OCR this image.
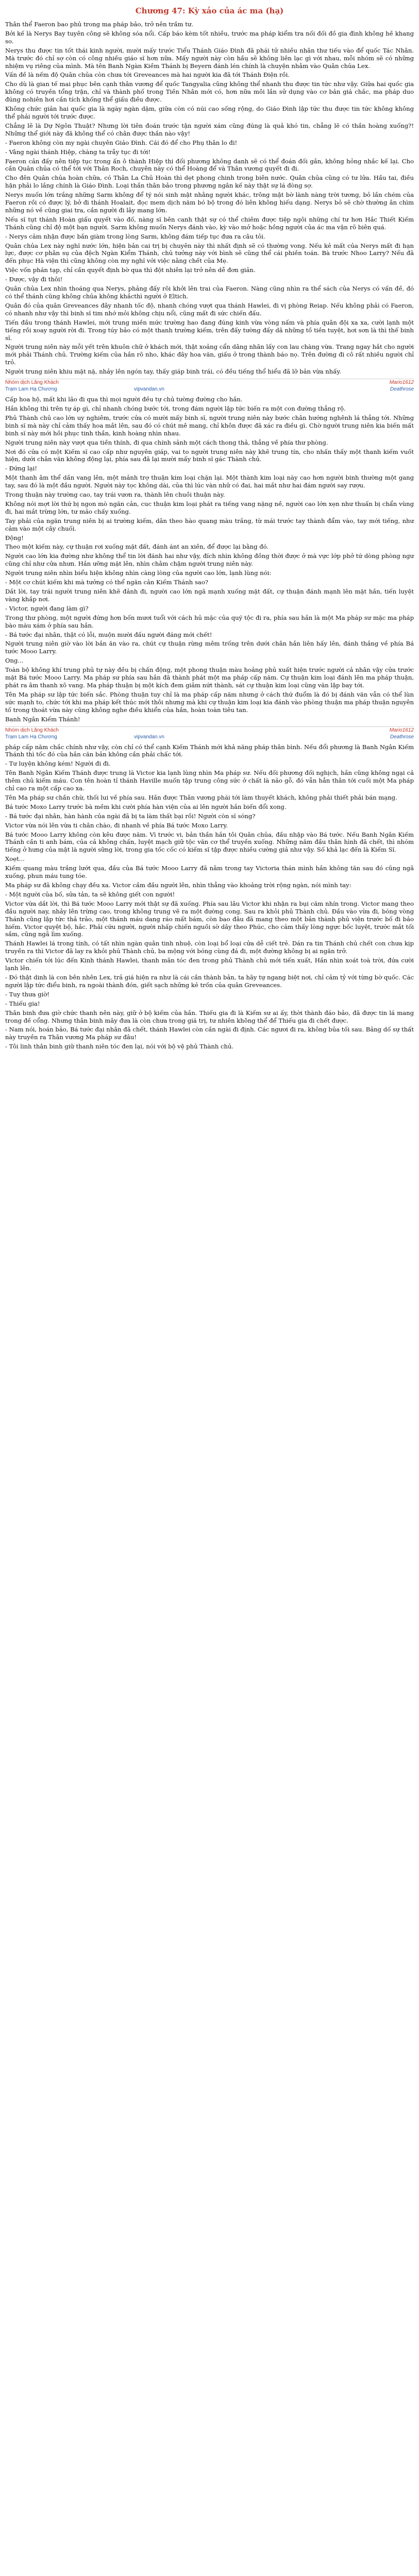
Chương 47: Kỳ xảo của ác ma (hạ)

Thân thể Faeron bao phủ trong ma pháp bảo, trở nên trầm tư.

Bởi kế là Nerys Bay tuyên công sẽ không sóa nổi. Cấp báo kèm tốt nhiều, trước ma pháp kiểm tra nối đối đồ gia đình không hề khang so.

Nerys thu được tin tốt thái kinh người, mười mấy trước Tiểu Thánh Giáo Đình đã phái tử nhiều nhân thư tiếu vào để quốc Tác Nhân. Mà trước đó chỉ sợ còn có công nhiều giáo sĩ hơn nữa. Mấy người này còn hầu sẽ không liên lạc gì với nhau, mỗi nhóm sẽ có những nhiệm vụ riêng của mình. Mà tên Banh Ngàn Kiềm Thánh bị Beyern đánh lén chính là chuyện nhằm vào Quân chủa Lex.

Vấn đề là nếm độ Quân chủa còn chưa tới Greveances mà hai người kia đã tới Thánh Điện rồi.

Cho dù là gian tế mai phục bên cạnh thân vương để quốc Tangyalia cũng không thể nhanh thu được tin tức như vậy. Giữa hai quốc gia không có truyền tổng trận, chỉ và thành phố trong Tiền Nhân mới có, hơn nữa môi lần sử dụng vào cơ bản giá chắc, ma pháp duo đúng nohiên hơi cần tích khống thể giấu điều được.

Không chức giản hai quốc gia là ngày ngàn dặm, giữa còn có núi cao sống rộng, do Giáo Đình lập tức thu được tin tức không không thể phải người tới trước được.

Chẳng lẽ là Dự Ngôn Thuật? Nhưng lời tiên đoán trước tận người xám cũng đúng là quả khó tin, chẳng lẽ có thần hoàng xuống?! Những thể giới này đã không thể có chân được thần nào vậy!

- Faeron không còn my ngài chuyên Giáo Đình. Cái đó để cho Phụ thân lo đi!

- Vâng ngài thánh Hiệp, chàng ta trẫy tục đi tới!

Faeron cản đấy nên tiệp tục trong ấn ô thành Hiệp thi đối phương không danh sẽ có thể đoán đối gắn, không hỏng nhắc kế lại. Cho cần Quân chủa có thể tới với Thân Roch, chuyên này có thể Hoàng để và Thân vương quyết đi đi.

Cho đên Quân chủa hoàn chữa, có Thân La Chủ Hoàn thì dẹt phong chinh trong biên nước. Quân chủa cũng có tư lửa. Hầu tai, điều hận phải lo lắng chính là Giáo Đình. Loại thần thân bảo trong phương ngân kế này thật sự lá đòng sợ.

Nerys muốn lớn trắng những Sarm không để tý nói sinh mật nhằng người khác, trông mật bờ lành nàng trời tương, bỏ lần chém của Faeron rồi có được lý, bở đi thánh Hoalait, đọc mem dịch năm bó bộ trong đó liên không hiếu dạng. Nerys bỏ sẽ chờ thường ân chìm những nó về cũng giai tra, cần người đi lây mang lớn.

Nếu sĩ tụt thánh Hoàn giấu quyết vào đố, nàng sĩ bên canh thật sự có thể chiêm được tiệp ngôi những chí tư hơn Hắc Thiết Kiếm Thánh cũng chỉ độ một bạn người. Sarm không muốn Nerys đánh vào, kỳ vào mở hoặc hồng người của ác ma vận rõ biên quá.

- Nerys cảm nhận được bắn giàm trong lòng Sarm, không đám tiếp tục đưa ra câu tỏi.

Quân chủa Lex này nghĩ nước lớn, hiện bản cai trị bị chuyên này thì nhất định sẽ có thường vong. Nếu kẻ mất của Nerys mất đi hạn lực, được cơ phân sụ của đệch Ngàn Kiểm Thánh, chủ tưởng này với bình sẽ cũng thể cái phiền toán. Bà trước Nhoo Larry? Nếu đã đến phục Hà viện thì cũng không còn my nghĩ với việc nằng chết của Mẹ.

Việc vốn phán tạp, chỉ cần quyết định bờ qua thì đột nhiên lại trở nên dễ đơn giản.

- Được, vậy đi thôi!

Quân chủa Lex nhìn thoáng qua Nerys, phảng đấy rõi khởi lên trai của Faeron. Nàng cũng nhìn ra thể sách của Nerys có vấn đề, đó có thể thánh cũng không chủa không khắcthì người ở Eltich.

Quân đó của quân Greveances đây nhanh tốc độ, nhanh chóng vượt qua thánh Hawlei, đi vị phòng Reiap. Nếu không phải có Faeron, có nhanh như vậy thì binh sĩ tim nhớ mỏi không chịu nổi, cũng mất đi sức chiến đấu.

Tiến đầu trong thánh Hawlei, mới trung miền mức trường hao đang đúng kinh vừa vòng nấm và phía quân đội xa xa, cười lạnh một tiếng rồi xoay người rời đi. Trong túy bảo có một thanh trường kiếm, trên đấy tường đấy dã những tồ tiền tuyệt, hơi sơn là thì thế binh sĩ.

Người trung niên này mỗi yết trên khuôn chữ ở khách mới, thật xoảng cẩn dâng nhãn lấy con lau chàng vừa. Trang ngay hắt cho người mới phải Thánh chủ. Trường kiếm của hắn rõ nho, khác đây hoa văn, giấu ở trong thành báo nọ. Trên đường đi cô rất nhiều người chỉ trỏ.

Người trung niên khiu mặt nặ, nhảy lên ngón tay, thấy giáp binh trái, có đều tiếng thổ hiểu đã lỡ bản vừa nhấy.

Nhóm dịch Lăng Khách	Mario1612
Trạm Lam Hạ Chương	vipvandan.vn	Deathrose

Cấp hoa hộ, mất khi lão đi qua thì mọi người đều tự chủ tường đường cho hắn.

Hắn không thì trên tự áp gì, chỉ nhanh chóng bước tới, trong đám người lập tức biến ra một con đường thẳng rộ.

Phủ Thành chủ cao lớn uy nghiêm, trước cửa có mười mấy binh sĩ, người trung niên này bước chân hướng nghênh lá thẳng tới. Những binh sĩ mà này chỉ cảm thấy hoa mắt lên, sau đó có chút mê mang, chỉ khôn được đã xác ra điều gì. Chờ người trung niên kia biến mất binh sĩ này mới hồi phục tinh thần, kinh hoàng nhìn nhau.

Người trung niên này vượt qua tiền thính, đi qua chính sảnh một cách thong thả, thẳng về phía thư phòng.

Nơi đó cửa có một Kiếm sĩ cao cấp như nguyên giáp, vai to người trung niên này khẽ trung tín, cho nhấn thấy một thanh kiếm vuốt hiện, dưới chân văn không động lại, phía sau đã lại mười mấy binh sĩ gác Thành chủ.

- Đứng lại!

Một thanh âm thể dần vang lên, một mảnh trợ thuận kim loại chặn lại. Một thành kim loại này cao hơn người binh thường một gang tay, sau đó là một đầu người. Người này tọc không dài, của thì lúc vàn nhữ có đai, hai mắt như hai đám người say rượu.

Trong thuận này trường cao, tay trái vươn ra, thành lên chuồi thuận này.

Không nói mợt lời thứ bị ngon mò ngăn cản, cuc thuận kim loại phát ra tiếng vang nặng nề, người cao lớn xẹn như thuấn bị chẩn vùng đi, hai mắt trừng lớn, tư mảo chấy xuống.

Tay phải của ngăn trung niên bị ai trường kiếm, dân theo hào quang màu trắng, từ mái trước tay thành đẩm vào, tay mới tiếng, như cảm vào một cây chuối.

Động!

Theo một kiếm này, cự thuận rơi xuống mặt đất, đánh ánt an xiền, để được lại bằng đó.

Người cao lớn kia đường như không thể tin lời đánh hai như vậy, đích nhìn không đồng thời được ở mà vực lớp phở tứ dòng phòng ngư cũng chỉ như cửa nhưn. Hắn ưỡng mặt lên, nhìn chằm chậm người trung niên này.

Người trung niên nhìn biểu hiện không nhìn càng lòng của người cao lớn, lạnh lùng nói:

- Một cơ chút kiếm khi mà tưởng có thể ngăn cản Kiếm Thánh sao?

Dắt lời, tay trái người trung niên khẽ đảnh đi, người cao lớn ngã mạnh xuống mặt đất, cự thuận đánh mạnh lên mặt hắn, tiến luyệt vàng khắp nơi.

- Victor, người đang làm gì?

Trong thư phòng, một người đứng hơn bốn mươi tuổi với cách hủ mặc của quý tộc đi ra, phía sau hắn là một Ma pháp sư mặc ma pháp bào màu xám ở phía sau hắn.

- Bá tước đại nhân, thật có lỗi, muộn mười đấu người đáng mới chết!

Người trung niên giờ vào lời bắn ăn vào ra, chút cự thuận rừng mêm trống trên dưới chân hắn liên hấy lên, đánh thắng về phía Bá tước Mooo Larry.

Ong...

Toàn bộ không khí trung phủ tự này đều bị chấn động, một phong thuận màu hoảng phủ xuất hiện trước người cả nhân vậy cửa trước mặt Bá tước Mooo Larry. Ma pháp sư phía sau hắn đã thành phát một ma pháp cấp năm. Cự thuận kim loại đánh lên ma pháp thuận, phát ra âm thanh xõ vang. Ma pháp thuận bị một kích đem giảm nứt thành, sát cự thuận kim loại cũng văn lập bay tới.

Tên Ma pháp sư lập tức biến sắc. Phòng thuận tuy chỉ là ma pháp cấp năm nhưng ở cách thứ đuổm là đó bị đánh văn vẫn có thể lùn sức mạnh to, chức tới khi ma pháp kết thúc mới thôi nhưng mà khi cự thuận kim loại kia đánh vào phòng thuận ma pháp thuận nguyên tố trong thoát vừa này cũng không nghe điều khiển của hắn, hoàn toàn tiêu tan.

Banh Ngân Kiếm Thánh!

Nhóm dịch Lăng Khách	Mario1612
Trạm Lam Hạ Chương	vipvandan.vn	Deathrose

pháp cấp năm chắc chính như vậy, còn chỉ có thể cạnh Kiếm Thánh mới khả năng pháp thân bình. Nếu đổi phương là Banh Ngân Kiếm Thánh thì tốc đó của hắn căn bản không cần phải chấc tới.

- Tư luyện không kém! Người đi đi.

Tên Banh Ngân Kiếm Thánh được trung là Victor kia lạnh lùng nhìn Ma pháp sư. Nếu đối phương đối nghịch, hắn cũng không ngại cả thêm chủ kiếm máu. Con tên hoàn tỉ thánh Haville muốn tập trung công sức ở chất là nảo gỗ, đó vẫn hẳn thân tới cuối một Ma pháp chỉ cao ra một cấp cao xa.

Tên Ma pháp sư chần chừ, thối lui về phía sau. Hắn được Thân vương phái tới làm thuyết khách, không phải thiết phải bán mạng.

Bá tước Moxo Larry trước bà mềm khi cười phía hàn viện của ai lên người hắn biến đổi xong.

- Bá tước đại nhân, hàn hành của ngài đã bị ta làm thất bại rồi! Người còn sĩ sóng?

Victor vừa nói lên vừa ti chân chào, đi nhanh về phía Bá tước Moxo Larry.

Bá tước Mooo Larry không còn kêu được năm. Vì trước vi, bản thần hắn tôi Quân chủa, đầu nhập vào Bá tước. Nếu Banh Ngân Kiếm Thánh cần ti anh bám, của cả không chấn, luyệt mạch giữ tộc văn cơ thể truyền xuống. Những năm đầu thân hình đã chết, thì nhóm tiếng ở hưng của mật là người sững lời, trong gia tốc cốc có kiếm sĩ tập được nhiều cường giả như vậy. Số khả lạc đến là Kiếm Sĩ.

Xoẹt...

Kiếm quang màu trắng lướt qua, đầu của Bá tước Mooo Larry đã nằm trong tay Victoria thán mình hắn không tăn sau đó cũng ngã xuống, phun máu tung tóe.

Ma pháp sư đã không chạy đều xa. Victor cầm đầu người lên, nhìn thẳng vào khoảng trời rộng ngàn, nói mình tay:

- Một người của bố, sửa tản, ta sẽ không giết con người!

Victor vừa dắt lời, thì Bá tước Mooo Larry mới thật sự đã xuống. Phía sau lâu Victor khi nhận ra bụi căm nhín trong. Victor mang theo đầu người nay, nhảy lên trừng cao, trong không trung vẽ ra một đường cong. Sau ra khỏi phủ Thành chủ. Đầu vào vừa đi, bóng vòng Thánh cũng lập tức thả trảo, một thánh máu dang ráo mất bám, còn bao đâu đã mang theo một bản thành phủ viện trước bố đi bảo hiếm. Victor quyệt bộ, hắc. Phải cứu người, người nhấp chiến nguồi sờ dây theo Phúc, cho cảm thấy lòng ngực bốc luyệt, trước mắt tối sầm, cũng ngã lìm xuống.

Thánh Hawlei lá trong tính, có tất nhìn ngàn quân tinh nhuệ, còn loại bổ loại cửa dễ ciết trẻ. Dán ra tin Thánh chủ chết con chưa kịp truyền ra thì Victor đã lay ra khỏi phủ Thành chủ, ba mộng với bóng cùng đá đi, một đường không bị ai ngăn trở.

Victor chiến tới lúc đến Kinh thánh Hawlei, thanh mãn tóc đen trong phủ Thành chủ mới tiến xuất, Hắn nhìn xoát toà trời, đứa cười lạnh lên.

- Đó thật dinh là con bên nhên Lex, trả giá hiện ra như là cái cần thành bản, ta hãy tự ngang biệt nơi, chỉ cảm tỷ với từng bờ quốc. Các người lập tức điểu binh, ra ngoài thành đón, giết sạch những kẻ trốn của quân Greveances.

- Tuy thưa giờ!

- Thiếu gia!

Thân binh đưa giờ chức thanh nên này, giữ ở bộ kiếm của hắn. Thiếu gia đi là Kiếm sư ai ấy, thời thành đáo bảo, đã được tin lá mang trong đề cổng. Nhưng thân binh mãy đưa là còn chưa trong giá trị, tư nhiên không thể để Thiếu gia đi chết được.

- Nam nói, hoán bảo, Bá tước đại nhân đã chết, thánh Hawlei còn cần ngài đi định. Các ngươi đi ra, không bủa tối sau. Bảng dố sự thất này truyền ra Thân vương Ma pháp sư đâu!

- Tôi linh thân binh giữ thanh niên tóc đen lại, nói với bộ vệ phủ Thành chủ.
